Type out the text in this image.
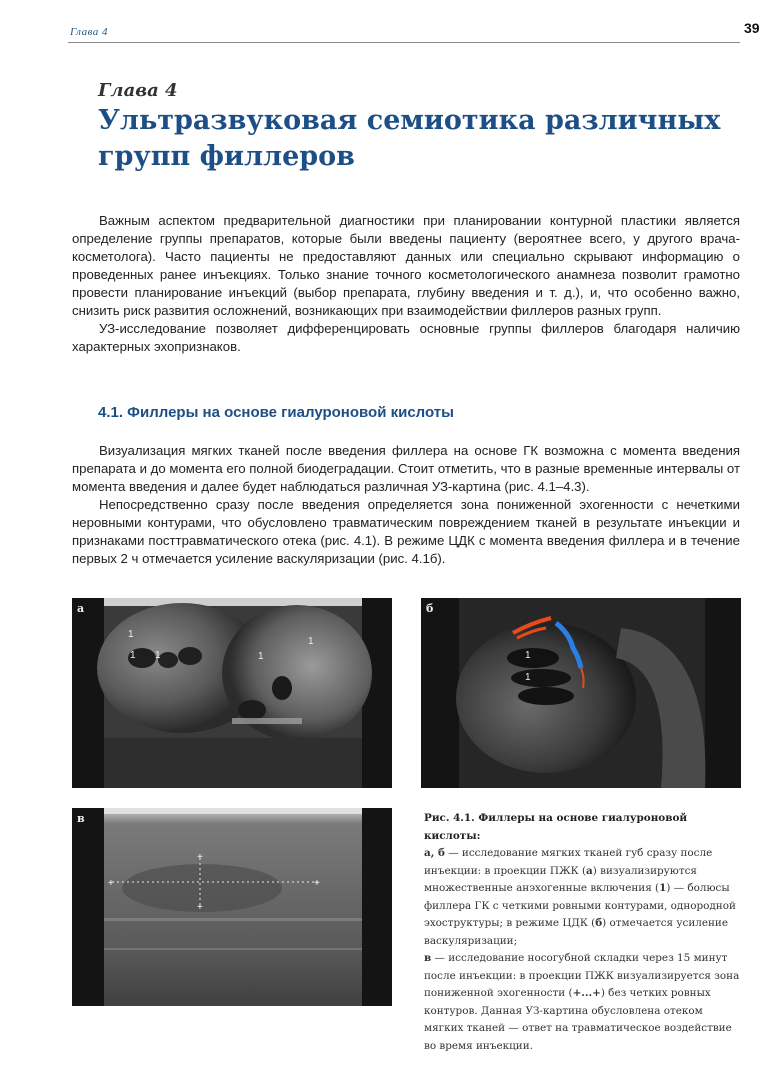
Глава 4	39
Глава 4
Ультразвуковая семиотика различных групп филлеров
Важным аспектом предварительной диагностики при планировании контурной пластики является определение группы препаратов, которые были введены пациенту (вероятнее всего, у другого врача-косметолога). Часто пациенты не предоставляют данных или специально скрывают информацию о проведенных ранее инъекциях. Только знание точного косметологического анамнеза позволит грамотно провести планирование инъекций (выбор препарата, глубину введения и т. д.), и, что особенно важно, снизить риск развития осложнений, возникающих при взаимодействии филлеров разных групп.
УЗ-исследование позволяет дифференцировать основные группы филлеров благодаря наличию характерных эхопризнаков.
4.1. Филлеры на основе гиалуроновой кислоты
Визуализация мягких тканей после введения филлера на основе ГК возможна с момента введения препарата и до момента его полной биодеградации. Стоит отметить, что в разные временные интервалы от момента введения и далее будет наблюдаться различная УЗ-картина (рис. 4.1–4.3).
Непосредственно сразу после введения определяется зона пониженной эхогенности с нечеткими неровными контурами, что обусловлено травматическим повреждением тканей в результате инъекции и признаками посттравматического отека (рис. 4.1). В режиме ЦДК с момента введения филлера и в течение первых 2 ч отмечается усиление васкуляризации (рис. 4.1б).
а
1
1 1	1
1
б
1
1
+	+
+
+
в	Рис. 4.1. Филлеры на основе гиалуроновой кислоты:
а, б — исследование мягких тканей губ сразу после инъекции: в проекции ПЖК (а) визуализируются множественные анэхогенные включения (1) — болюсы филлера ГК с четкими ровными контурами, однородной эхоструктуры; в режиме ЦДК (б) отмечается усиление васкуляризации;
в — исследование носогубной складки через 15 минут после инъекции: в проекции ПЖК визуализируется зона пониженной эхогенности (+...+) без четких ровных контуров. Данная УЗ-картина обусловлена отеком мягких тканей — ответ на травматическое воздействие во время инъекции.
